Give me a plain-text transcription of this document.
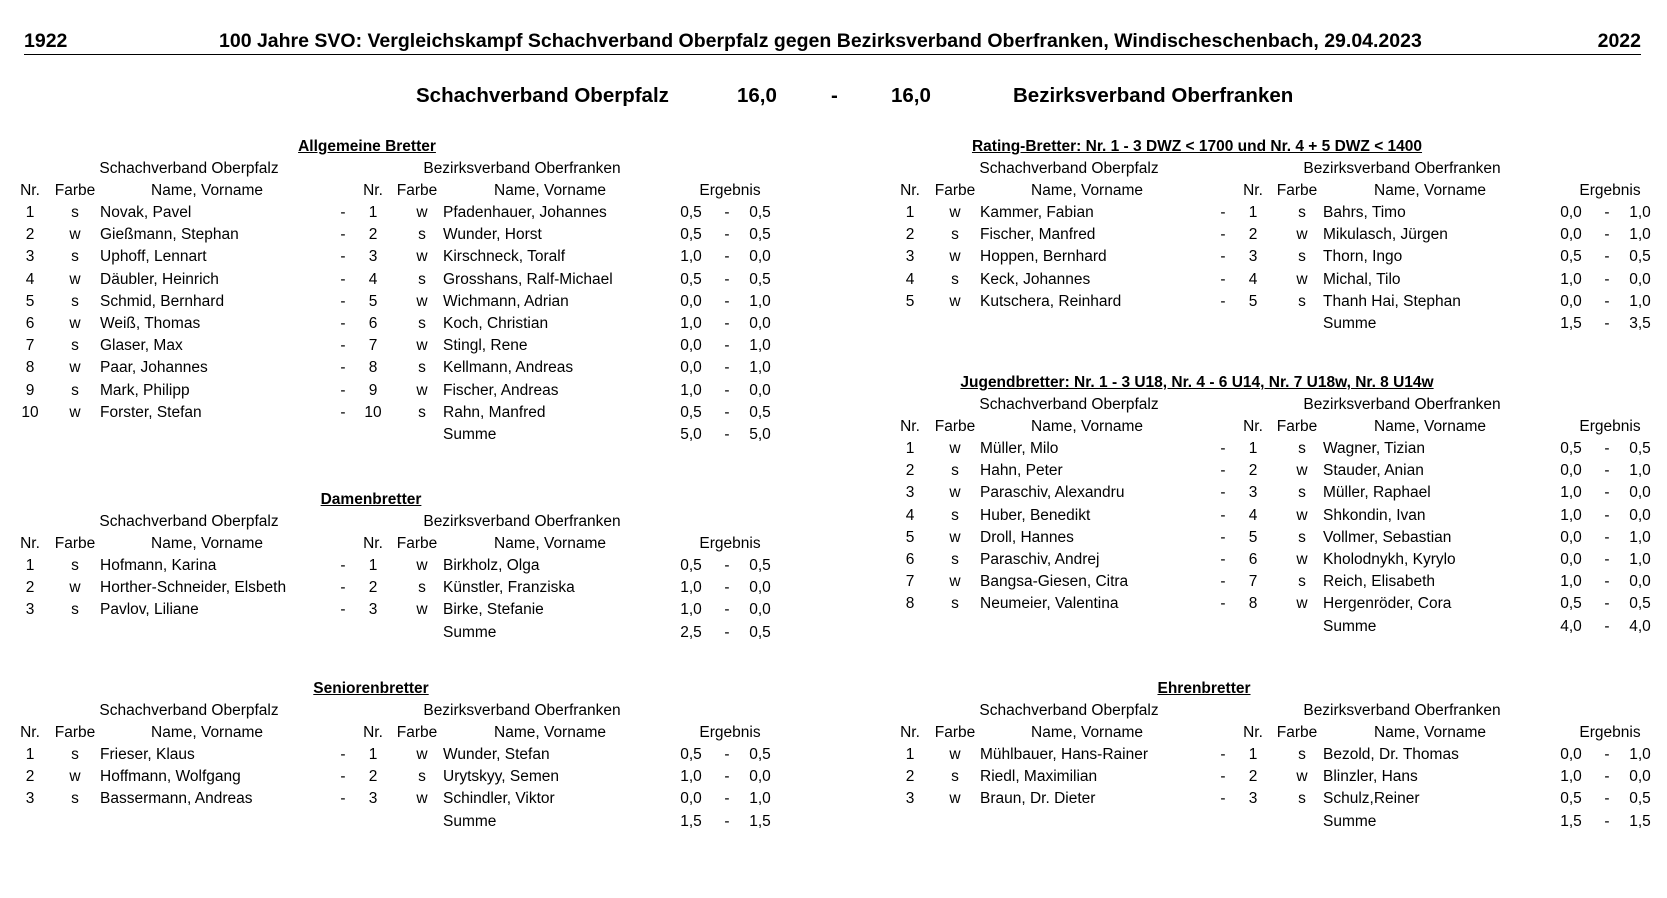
1922	100 Jahre SVO: Vergleichskampf Schachverband Oberpfalz gegen Bezirksverband Oberfranken, Windischeschenbach, 29.04.2023	2022
Schachverband Oberpfalz	16,0	-	16,0	Bezirksverband Oberfranken
Allgemeine Bretter
Schachverband Oberpfalz	Bezirksverband Oberfranken
Nr. Farbe	Name, Vorname	Nr. Farbe	Name, Vorname	Ergebnis
1 s Novak, Pavel	- 1	w Pfadenhauer, Johannes	0,5 - 0,5
2 w Gießmann, Stephan	- 2	s Wunder, Horst	0,5 - 0,5
3 s Uphoff, Lennart	- 3	w Kirschneck, Toralf	1,0 - 0,0
4 w Däubler, Heinrich	- 4	s Grosshans, Ralf-Michael	0,5 - 0,5
5 s Schmid, Bernhard	- 5	w Wichmann, Adrian	0,0 - 1,0
6 w Weiß, Thomas	- 6	s Koch, Christian	1,0 - 0,0
7 s Glaser, Max	- 7	w Stingl, Rene	0,0 - 1,0
8 w Paar, Johannes	- 8	s Kellmann, Andreas	0,0 - 1,0
9 s Mark, Philipp	- 9	w Fischer, Andreas	1,0 - 0,0
10 w Forster, Stefan	- 10 s Rahn, Manfred	0,5 - 0,5
Summe	5,0 - 5,0
Rating-Bretter: Nr. 1 - 3 DWZ < 1700 und Nr. 4 + 5 DWZ < 1400
Schachverband Oberpfalz	Bezirksverband Oberfranken
Nr. Farbe	Name, Vorname	Nr. Farbe	Name, Vorname	Ergebnis
1 w Kammer, Fabian	- 1	s Bahrs, Timo	0,0 - 1,0
2 s Fischer, Manfred	- 2	w Mikulasch, Jürgen	0,0 - 1,0
3 w Hoppen, Bernhard	- 3	s Thorn, Ingo	0,5 - 0,5
4 s Keck, Johannes	- 4	w Michal, Tilo	1,0 - 0,0
5 w Kutschera, Reinhard	- 5	s Thanh Hai, Stephan	0,0 - 1,0
Summe	1,5 - 3,5
Jugendbretter: Nr. 1 - 3 U18, Nr. 4 - 6 U14, Nr. 7 U18w, Nr. 8 U14w
Schachverband Oberpfalz	Bezirksverband Oberfranken
Nr. Farbe	Name, Vorname	Nr. Farbe	Name, Vorname	Ergebnis
1 w Müller, Milo	- 1	s Wagner, Tizian	0,5 - 0,5
2 s Hahn, Peter	- 2	w Stauder, Anian	0,0 - 1,0
3 w Paraschiv, Alexandru	- 3	s Müller, Raphael	1,0 - 0,0
4 s Huber, Benedikt	- 4	w Shkondin, Ivan	1,0 - 0,0
5 w Droll, Hannes	- 5	s Vollmer, Sebastian	0,0 - 1,0
6 s Paraschiv, Andrej	- 6	w Kholodnykh, Kyrylo	0,0 - 1,0
7 w Bangsa-Giesen, Citra	- 7	s Reich, Elisabeth	1,0 - 0,0
8 s Neumeier, Valentina	- 8	w Hergenröder, Cora	0,5 - 0,5
Summe	4,0 - 4,0
Damenbretter
Schachverband Oberpfalz	Bezirksverband Oberfranken
Nr. Farbe	Name, Vorname	Nr. Farbe	Name, Vorname	Ergebnis
1 s Hofmann, Karina	- 1	w Birkholz, Olga	0,5 - 0,5
2 w Horther-Schneider, Elsbeth	- 2	s Künstler, Franziska	1,0 - 0,0
3 s Pavlov, Liliane	- 3	w Birke, Stefanie	1,0 - 0,0
Summe	2,5 - 0,5
Seniorenbretter
Schachverband Oberpfalz	Bezirksverband Oberfranken
Nr. Farbe	Name, Vorname	Nr. Farbe	Name, Vorname	Ergebnis
1 s Frieser, Klaus	- 1	w Wunder, Stefan	0,5 - 0,5
2 w Hoffmann, Wolfgang	- 2	s Urytskyy, Semen	1,0 - 0,0
3 s Bassermann, Andreas	- 3	w Schindler, Viktor	0,0 - 1,0
Summe	1,5 - 1,5
Ehrenbretter
Schachverband Oberpfalz	Bezirksverband Oberfranken
Nr. Farbe	Name, Vorname	Nr. Farbe	Name, Vorname	Ergebnis
1 w Mühlbauer, Hans-Rainer	- 1	s Bezold, Dr. Thomas	0,0 - 1,0
2 s Riedl, Maximilian	- 2	w Blinzler, Hans	1,0 - 0,0
3 w Braun, Dr. Dieter	- 3	s Schulz,Reiner	0,5 - 0,5
Summe	1,5 - 1,5
